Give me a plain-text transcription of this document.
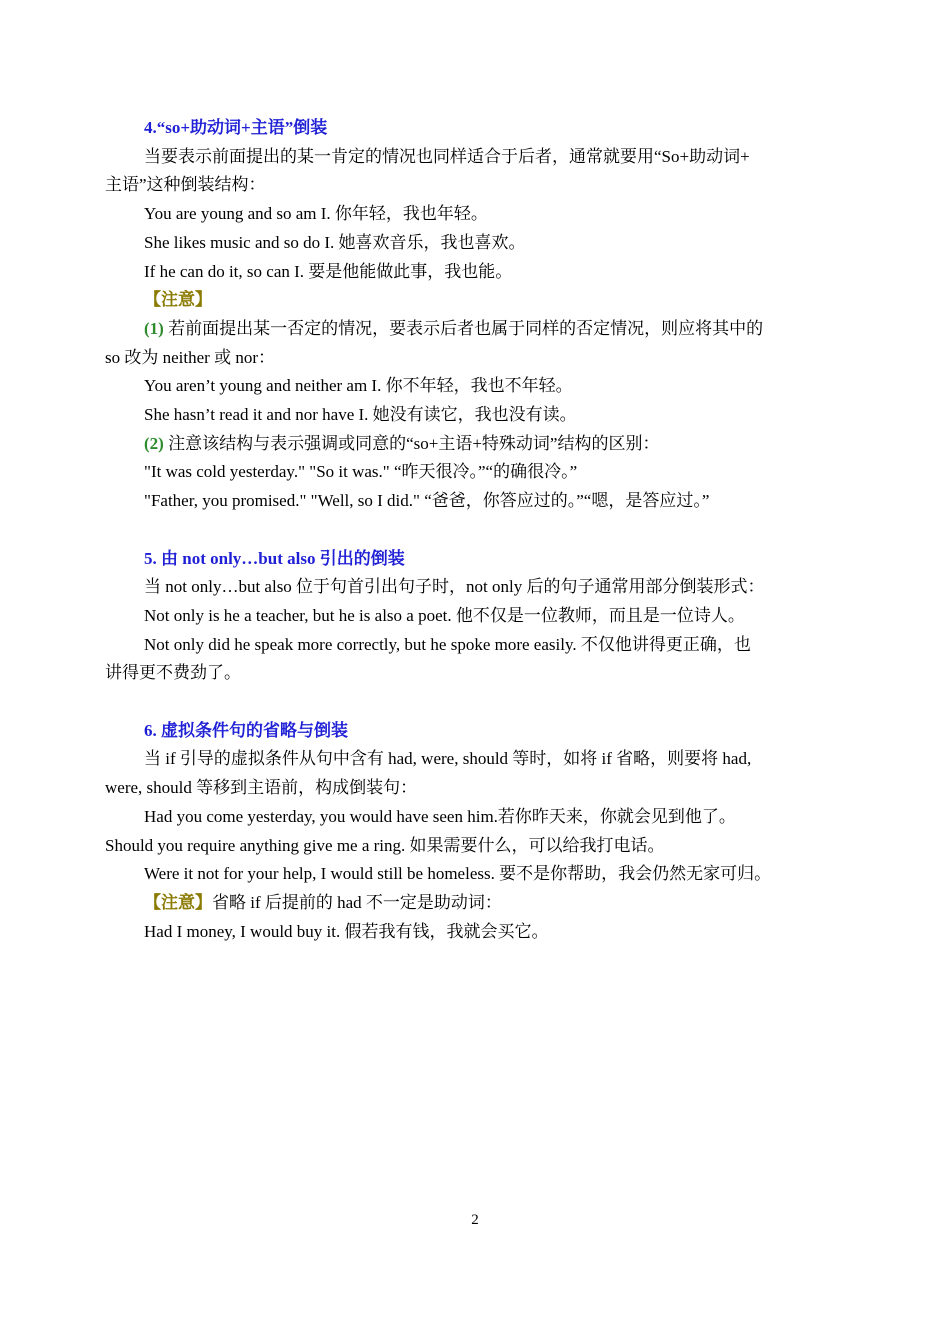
4.“so+助动词+主语”倒装

当要表示前面提出的某一肯定的情况也同样适合于后者，通常就要用“So+助动词+

主语”这种倒装结构：

You are young and so am I. 你年轻，我也年轻。

She likes music and so do I. 她喜欢音乐，我也喜欢。

If he can do it, so can I. 要是他能做此事，我也能。

【注意】

(1) 若前面提出某一否定的情况，要表示后者也属于同样的否定情况，则应将其中的

so 改为 neither 或 nor：

You aren’t young and neither am I. 你不年轻，我也不年轻。

She hasn’t read it and nor have I. 她没有读它，我也没有读。

(2) 注意该结构与表示强调或同意的“so+主语+特殊动词”结构的区别：

"It was cold yesterday." "So it was." “昨天很冷。”“的确很冷。”

"Father, you promised." "Well, so I did." “爸爸，你答应过的。”“嗯，是答应过。”

5. 由 not only…but also 引出的倒装

当 not only…but also 位于句首引出句子时，not only 后的句子通常用部分倒装形式：

Not only is he a teacher, but he is also a poet. 他不仅是一位教师，而且是一位诗人。

Not only did he speak more correctly, but he spoke more easily. 不仅他讲得更正确，也

讲得更不费劲了。

6. 虚拟条件句的省略与倒装

当 if 引导的虚拟条件从句中含有 had, were, should 等时，如将 if 省略，则要将 had,

were, should 等移到主语前，构成倒装句：

Had you come yesterday, you would have seen him.若你昨天来，你就会见到他了。

Should you require anything give me a ring. 如果需要什么，可以给我打电话。

Were it not for your help, I would still be homeless. 要不是你帮助，我会仍然无家可归。

【注意】省略 if 后提前的 had 不一定是助动词：

Had I money, I would buy it. 假若我有钱，我就会买它。

2
